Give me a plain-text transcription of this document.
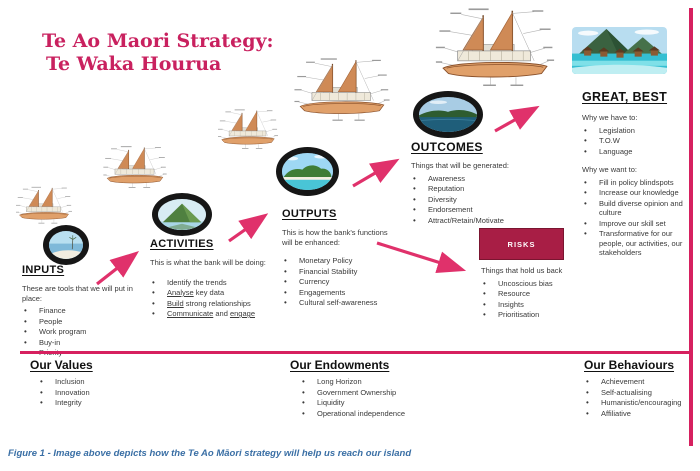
Te Ao Maori Strategy:
Te Waka Hourua
INPUTS
These are tools that we will put in place:
• Finance
• People
• Work program
• Buy-in
•
ACTIVITIES
This is what the bank will be doing:
• Identify the trends
• Analyse key data
• Build strong relationships
• Communicate and engage
OUTPUTS
This is how the bank's functions will be enhanced:
• Monetary Policy
• Financial Stability
• Currency
• Engagements
• Cultural self-awareness
OUTCOMES
Things that will be generated:
• Awareness
• Reputation
• Diversity
• Endorsement
• Attract/Retain/Motivate
GREAT, BEST
Why we have to:
• Legislation
• T.O.W
• Language
Why we want to:
• Fill in policy blindspots
• Increase our knowledge
• Build diverse opinion and culture
• Improve our skill set
• Transformative for our people, our activities, our stakeholders
RISKS
Things that hold us back
• Uncoscious bias
• Resource
• Insights
• Prioritisation
Our Values
• Inclusion
• Innovation
• Integrity
Our Endowments
• Long Horizon
• Government Ownership
• Liquidity
• Operational independence
Our Behaviours
• Achievement
• Self-actualising
• Humanistic/encouraging
• Affiliative
Figure 1 - Image above depicts how the Te Ao Māori strategy will help us reach our island
